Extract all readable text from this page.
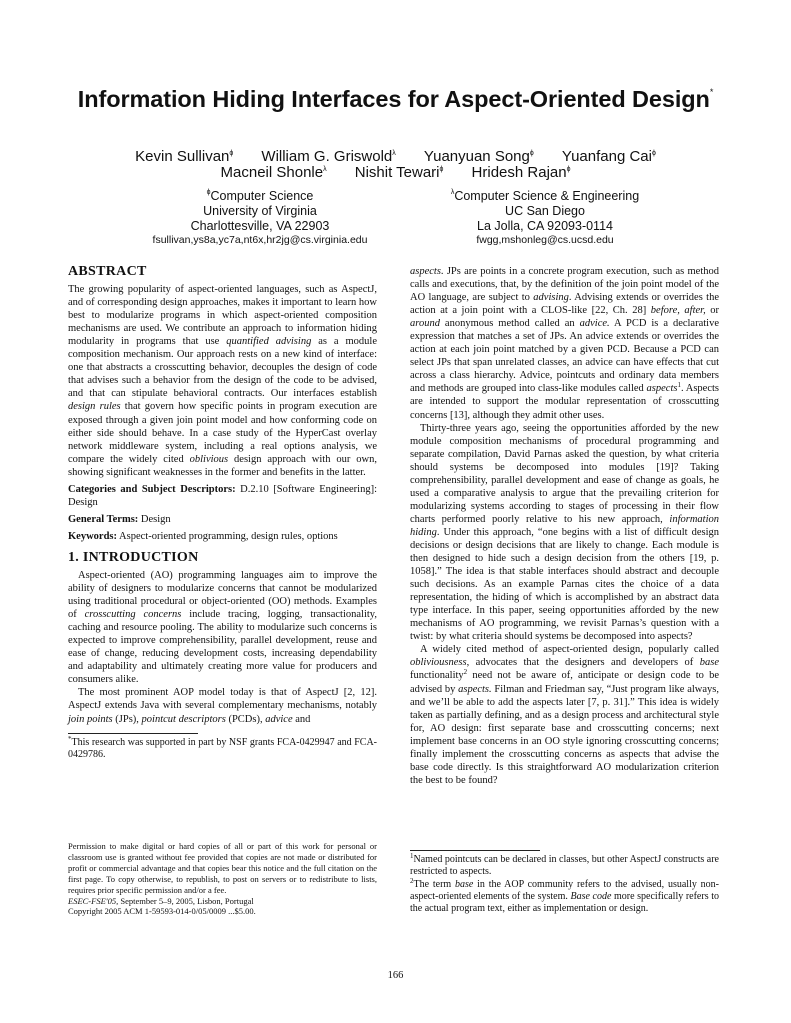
Information Hiding Interfaces for Aspect-Oriented Design*
Kevin Sullivan$^ɸ$ William G. Griswold$^\lambda$ Yuanyuan Song$^ɸ$ Yuanfang Cai$^ɸ$
Macneil Shonle$^\lambda$ Nishit Tewari$^ɸ$ Hridesh Rajan$^ɸ$
$^ɸ$Computer Science
University of Virginia
Charlottesville, VA 22903
fsullivan,ys8a,yc7a,nt6x,hr2jg@cs.virginia.edu
$^\lambda$Computer Science & Engineering
UC San Diego
La Jolla, CA 92093-0114
fwgg,mshonleg@cs.ucsd.edu
ABSTRACT

The growing popularity of aspect-oriented languages, such as AspectJ, and of corresponding design approaches, makes it important to learn how best to modularize programs in which aspect-oriented composition mechanisms are used. We contribute an approach to information hiding modularity in programs that use quantified advising as a module composition mechanism. Our approach rests on a new kind of interface: one that abstracts a crosscutting behavior, decouples the design of code that advises such a behavior from the design of the code to be advised, and that can stipulate behavioral contracts. Our interfaces establish design rules that govern how specific points in program execution are exposed through a given join point model and how conforming code on either side should behave. In a case study of the HyperCast overlay network middleware system, including a real options analysis, we compare the widely cited oblivious design approach with our own, showing significant weaknesses in the former and benefits in the latter.

Categories and Subject Descriptors: D.2.10 [Software Engineering]: Design

General Terms: Design

Keywords: Aspect-oriented programming, design rules, options

1. INTRODUCTION

Aspect-oriented (AO) programming languages aim to improve the ability of designers to modularize concerns that cannot be modularized using traditional procedural or object-oriented (OO) methods. Examples of crosscutting concerns include tracing, logging, transactionality, caching and resource pooling. The ability to modularize such concerns is expected to improve comprehensibility, parallel development, reuse and ease of change, reducing development costs, increasing dependability and adaptability and ultimately creating more value for producers and consumers alike.

The most prominent AOP model today is that of AspectJ [2, 12]. AspectJ extends Java with several complementary mechanisms, notably join points (JPs), pointcut descriptors (PCDs), advice and

*This research was supported in part by NSF grants FCA-0429947 and FCA-0429786.

Permission to make digital or hard copies of all or part of this work for personal or classroom use is granted without fee provided that copies are not made or distributed for profit or commercial advantage and that copies bear this notice and the full citation on the first page. To copy otherwise, to republish, to post on servers or to redistribute to lists, requires prior specific permission and/or a fee.

ESEC-FSE'05, September 5–9, 2005, Lisbon, Portugal

Copyright 2005 ACM 1-59593-014-0/05/0009 ...$5.00.

aspects. JPs are points in a concrete program execution, such as method calls and executions, that, by the definition of the join point model of the AO language, are subject to advising. Advising extends or overrides the action at a join point with a CLOS-like [22, Ch. 28] before, after, or around anonymous method called an advice. A PCD is a declarative expression that matches a set of JPs. An advice extends or overrides the action at each join point matched by a given PCD. Because a PCD can select JPs that span unrelated classes, an advice can have effects that cut across a class hierarchy. Advice, pointcuts and ordinary data members and methods are grouped into class-like modules called aspects$^1$. Aspects are intended to support the modular representation of crosscutting concerns [13], although they admit other uses.

Thirty-three years ago, seeing the opportunities afforded by the new module composition mechanisms of procedural programming and separate compilation, David Parnas asked the question, by what criteria should systems be decomposed into modules [19]? Taking comprehensibility, parallel development and ease of change as goals, he used a comparative analysis to argue that the prevailing criterion for modularizing systems according to stages of processing in their flow charts performed poorly relative to his new approach, information hiding. Under this approach, “one begins with a list of difficult design decisions or design decisions that are likely to change. Each module is then designed to hide such a design decision from the others [19, p. 1058].” The idea is that stable interfaces should abstract and decouple such decisions. As an example Parnas cites the choice of a data representation, the hiding of which is accomplished by an abstract data type interface. In this paper, seeing opportunities afforded by the new mechanisms of AO programming, we revisit Parnas’s question with a twist: by what criteria should systems be decomposed into aspects?

A widely cited method of aspect-oriented design, popularly called obliviousness, advocates that the designers and developers of base functionality$^2$ need not be aware of, anticipate or design code to be advised by aspects. Filman and Friedman say, “Just program like always, and we’ll be able to add the aspects later [7, p. 31].” This idea is widely taken as partially defining, and as a design process and architectural style for, AO design: first separate base and crosscutting concerns; next implement base concerns in an OO style ignoring crosscutting concerns; finally implement the crosscutting concerns as aspects that advise the base code directly. Is this straightforward AO modularization criterion the best to be found?

$^1$Named pointcuts can be declared in classes, but other AspectJ constructs are restricted to aspects.

$^2$The term base in the AOP community refers to the advised, usually non-aspect-oriented elements of the system. Base code more specifically refers to the actual program text, either as implementation or design.

166
